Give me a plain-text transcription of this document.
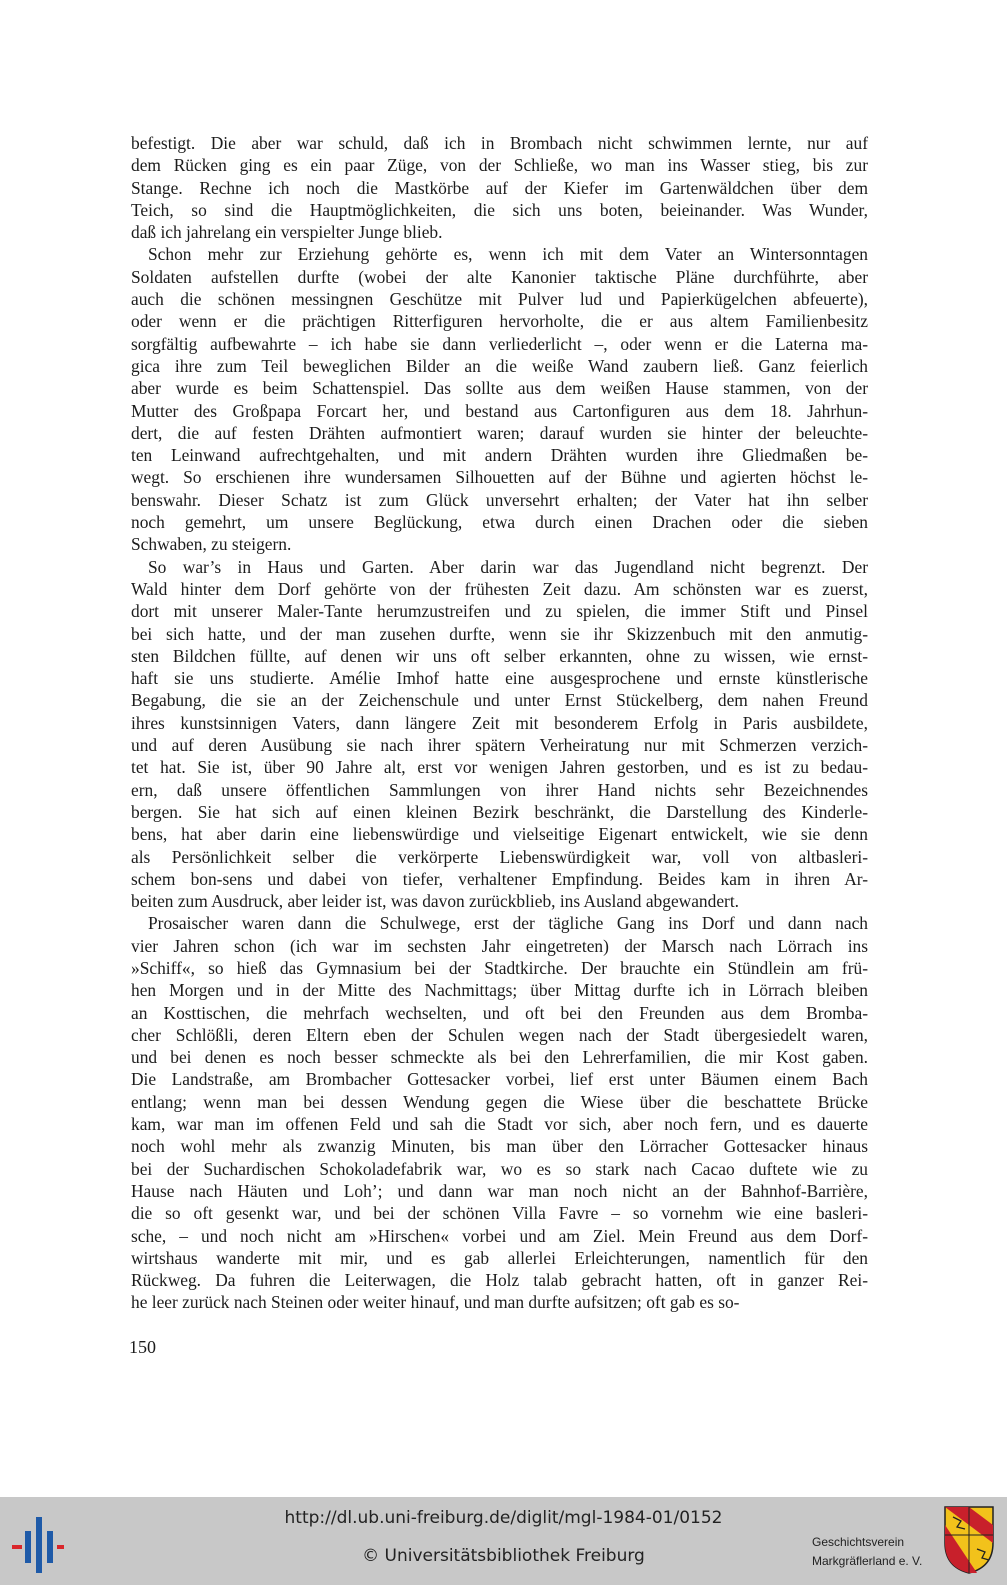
befestigt. Die aber war schuld, daß ich in Brombach nicht schwimmen lernte, nur auf
dem Rücken ging es ein paar Züge, von der Schließe, wo man ins Wasser stieg, bis zur
Stange. Rechne ich noch die Mastkörbe auf der Kiefer im Gartenwäldchen über dem
Teich, so sind die Hauptmöglichkeiten, die sich uns boten, beieinander. Was Wunder,
daß ich jahrelang ein verspielter Junge blieb.
Schon mehr zur Erziehung gehörte es, wenn ich mit dem Vater an Wintersonntagen
Soldaten aufstellen durfte (wobei der alte Kanonier taktische Pläne durchführte, aber
auch die schönen messingnen Geschütze mit Pulver lud und Papierkügelchen abfeuerte),
oder wenn er die prächtigen Ritterfiguren hervorholte, die er aus altem Familienbesitz
sorgfältig aufbewahrte – ich habe sie dann verliederlicht –, oder wenn er die Laterna ma-
gica ihre zum Teil beweglichen Bilder an die weiße Wand zaubern ließ. Ganz feierlich
aber wurde es beim Schattenspiel. Das sollte aus dem weißen Hause stammen, von der
Mutter des Großpapa Forcart her, und bestand aus Cartonfiguren aus dem 18. Jahrhun-
dert, die auf festen Drähten aufmontiert waren; darauf wurden sie hinter der beleuchte-
ten Leinwand aufrechtgehalten, und mit andern Drähten wurden ihre Gliedmaßen be-
wegt. So erschienen ihre wundersamen Silhouetten auf der Bühne und agierten höchst le-
benswahr. Dieser Schatz ist zum Glück unversehrt erhalten; der Vater hat ihn selber
noch gemehrt, um unsere Beglückung, etwa durch einen Drachen oder die sieben
Schwaben, zu steigern.
So war’s in Haus und Garten. Aber darin war das Jugendland nicht begrenzt. Der
Wald hinter dem Dorf gehörte von der frühesten Zeit dazu. Am schönsten war es zuerst,
dort mit unserer Maler-Tante herumzustreifen und zu spielen, die immer Stift und Pinsel
bei sich hatte, und der man zusehen durfte, wenn sie ihr Skizzenbuch mit den anmutig-
sten Bildchen füllte, auf denen wir uns oft selber erkannten, ohne zu wissen, wie ernst-
haft sie uns studierte. Amélie Imhof hatte eine ausgesprochene und ernste künstlerische
Begabung, die sie an der Zeichenschule und unter Ernst Stückelberg, dem nahen Freund
ihres kunstsinnigen Vaters, dann längere Zeit mit besonderem Erfolg in Paris ausbildete,
und auf deren Ausübung sie nach ihrer spätern Verheiratung nur mit Schmerzen verzich-
tet hat. Sie ist, über 90 Jahre alt, erst vor wenigen Jahren gestorben, und es ist zu bedau-
ern, daß unsere öffentlichen Sammlungen von ihrer Hand nichts sehr Bezeichnendes
bergen. Sie hat sich auf einen kleinen Bezirk beschränkt, die Darstellung des Kinderle-
bens, hat aber darin eine liebenswürdige und vielseitige Eigenart entwickelt, wie sie denn
als Persönlichkeit selber die verkörperte Liebenswürdigkeit war, voll von altbasleri-
schem bon-sens und dabei von tiefer, verhaltener Empfindung. Beides kam in ihren Ar-
beiten zum Ausdruck, aber leider ist, was davon zurückblieb, ins Ausland abgewandert.
Prosaischer waren dann die Schulwege, erst der tägliche Gang ins Dorf und dann nach
vier Jahren schon (ich war im sechsten Jahr eingetreten) der Marsch nach Lörrach ins
»Schiff«, so hieß das Gymnasium bei der Stadtkirche. Der brauchte ein Stündlein am frü-
hen Morgen und in der Mitte des Nachmittags; über Mittag durfte ich in Lörrach bleiben
an Kosttischen, die mehrfach wechselten, und oft bei den Freunden aus dem Bromba-
cher Schlößli, deren Eltern eben der Schulen wegen nach der Stadt übergesiedelt waren,
und bei denen es noch besser schmeckte als bei den Lehrerfamilien, die mir Kost gaben.
Die Landstraße, am Brombacher Gottesacker vorbei, lief erst unter Bäumen einem Bach
entlang; wenn man bei dessen Wendung gegen die Wiese über die beschattete Brücke
kam, war man im offenen Feld und sah die Stadt vor sich, aber noch fern, und es dauerte
noch wohl mehr als zwanzig Minuten, bis man über den Lörracher Gottesacker hinaus
bei der Suchardischen Schokoladefabrik war, wo es so stark nach Cacao duftete wie zu
Hause nach Häuten und Loh’; und dann war man noch nicht an der Bahnhof-Barrière,
die so oft gesenkt war, und bei der schönen Villa Favre – so vornehm wie eine basleri-
sche, – und noch nicht am »Hirschen« vorbei und am Ziel. Mein Freund aus dem Dorf-
wirtshaus wanderte mit mir, und es gab allerlei Erleichterungen, namentlich für den
Rückweg. Da fuhren die Leiterwagen, die Holz talab gebracht hatten, oft in ganzer Rei-
he leer zurück nach Steinen oder weiter hinauf, und man durfte aufsitzen; oft gab es so-
150
http://dl.ub.uni-freiburg.de/diglit/mgl-1984-01/0152
© Universitätsbibliothek Freiburg
Geschichtsverein
Markgräflerland e. V.
